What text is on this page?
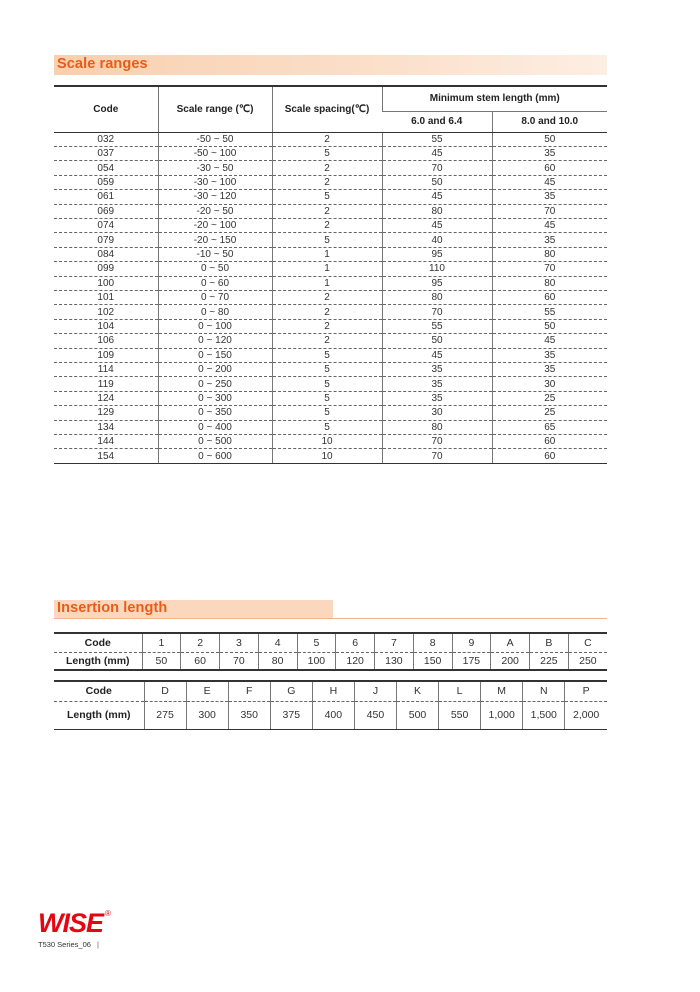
Scale ranges
Code	Scale range (℃)	Scale spacing(℃)	Minimum stem length (mm)	
			6.0 and 6.4	8.0 and 10.0
032	-50 ~ 50	2	55	50
037	-50 ~ 100	5	45	35
054	-30 ~ 50	2	70	60
059	-30 ~ 100	2	50	45
061	-30 ~ 120	5	45	35
069	-20 ~ 50	2	80	70
074	-20 ~ 100	2	45	45
079	-20 ~ 150	5	40	35
084	-10 ~ 50	1	95	80
099	0 ~ 50	1	110	70
100	0 ~ 60	1	95	80
101	0 ~ 70	2	80	60
102	0 ~ 80	2	70	55
104	0 ~ 100	2	55	50
106	0 ~ 120	2	50	45
109	0 ~ 150	5	45	35
114	0 ~ 200	5	35	35
119	0 ~ 250	5	35	30
124	0 ~ 300	5	35	25
129	0 ~ 350	5	30	25
134	0 ~ 400	5	80	65
144	0 ~ 500	10	70	60
154	0 ~ 600	10	70	60
Insertion length
Code	1	2	3	4	5	6	7	8	9	A	B	C
Length (mm)	50	60	70	80	100	120	130	150	175	200	225	250
Code	D	E	F	G	H	J	K	L	M	N	P
Length (mm)	275	300	350	375	400	450	500	550	1,000	1,500	2,000
WISE ®
T530 Series_06 |
